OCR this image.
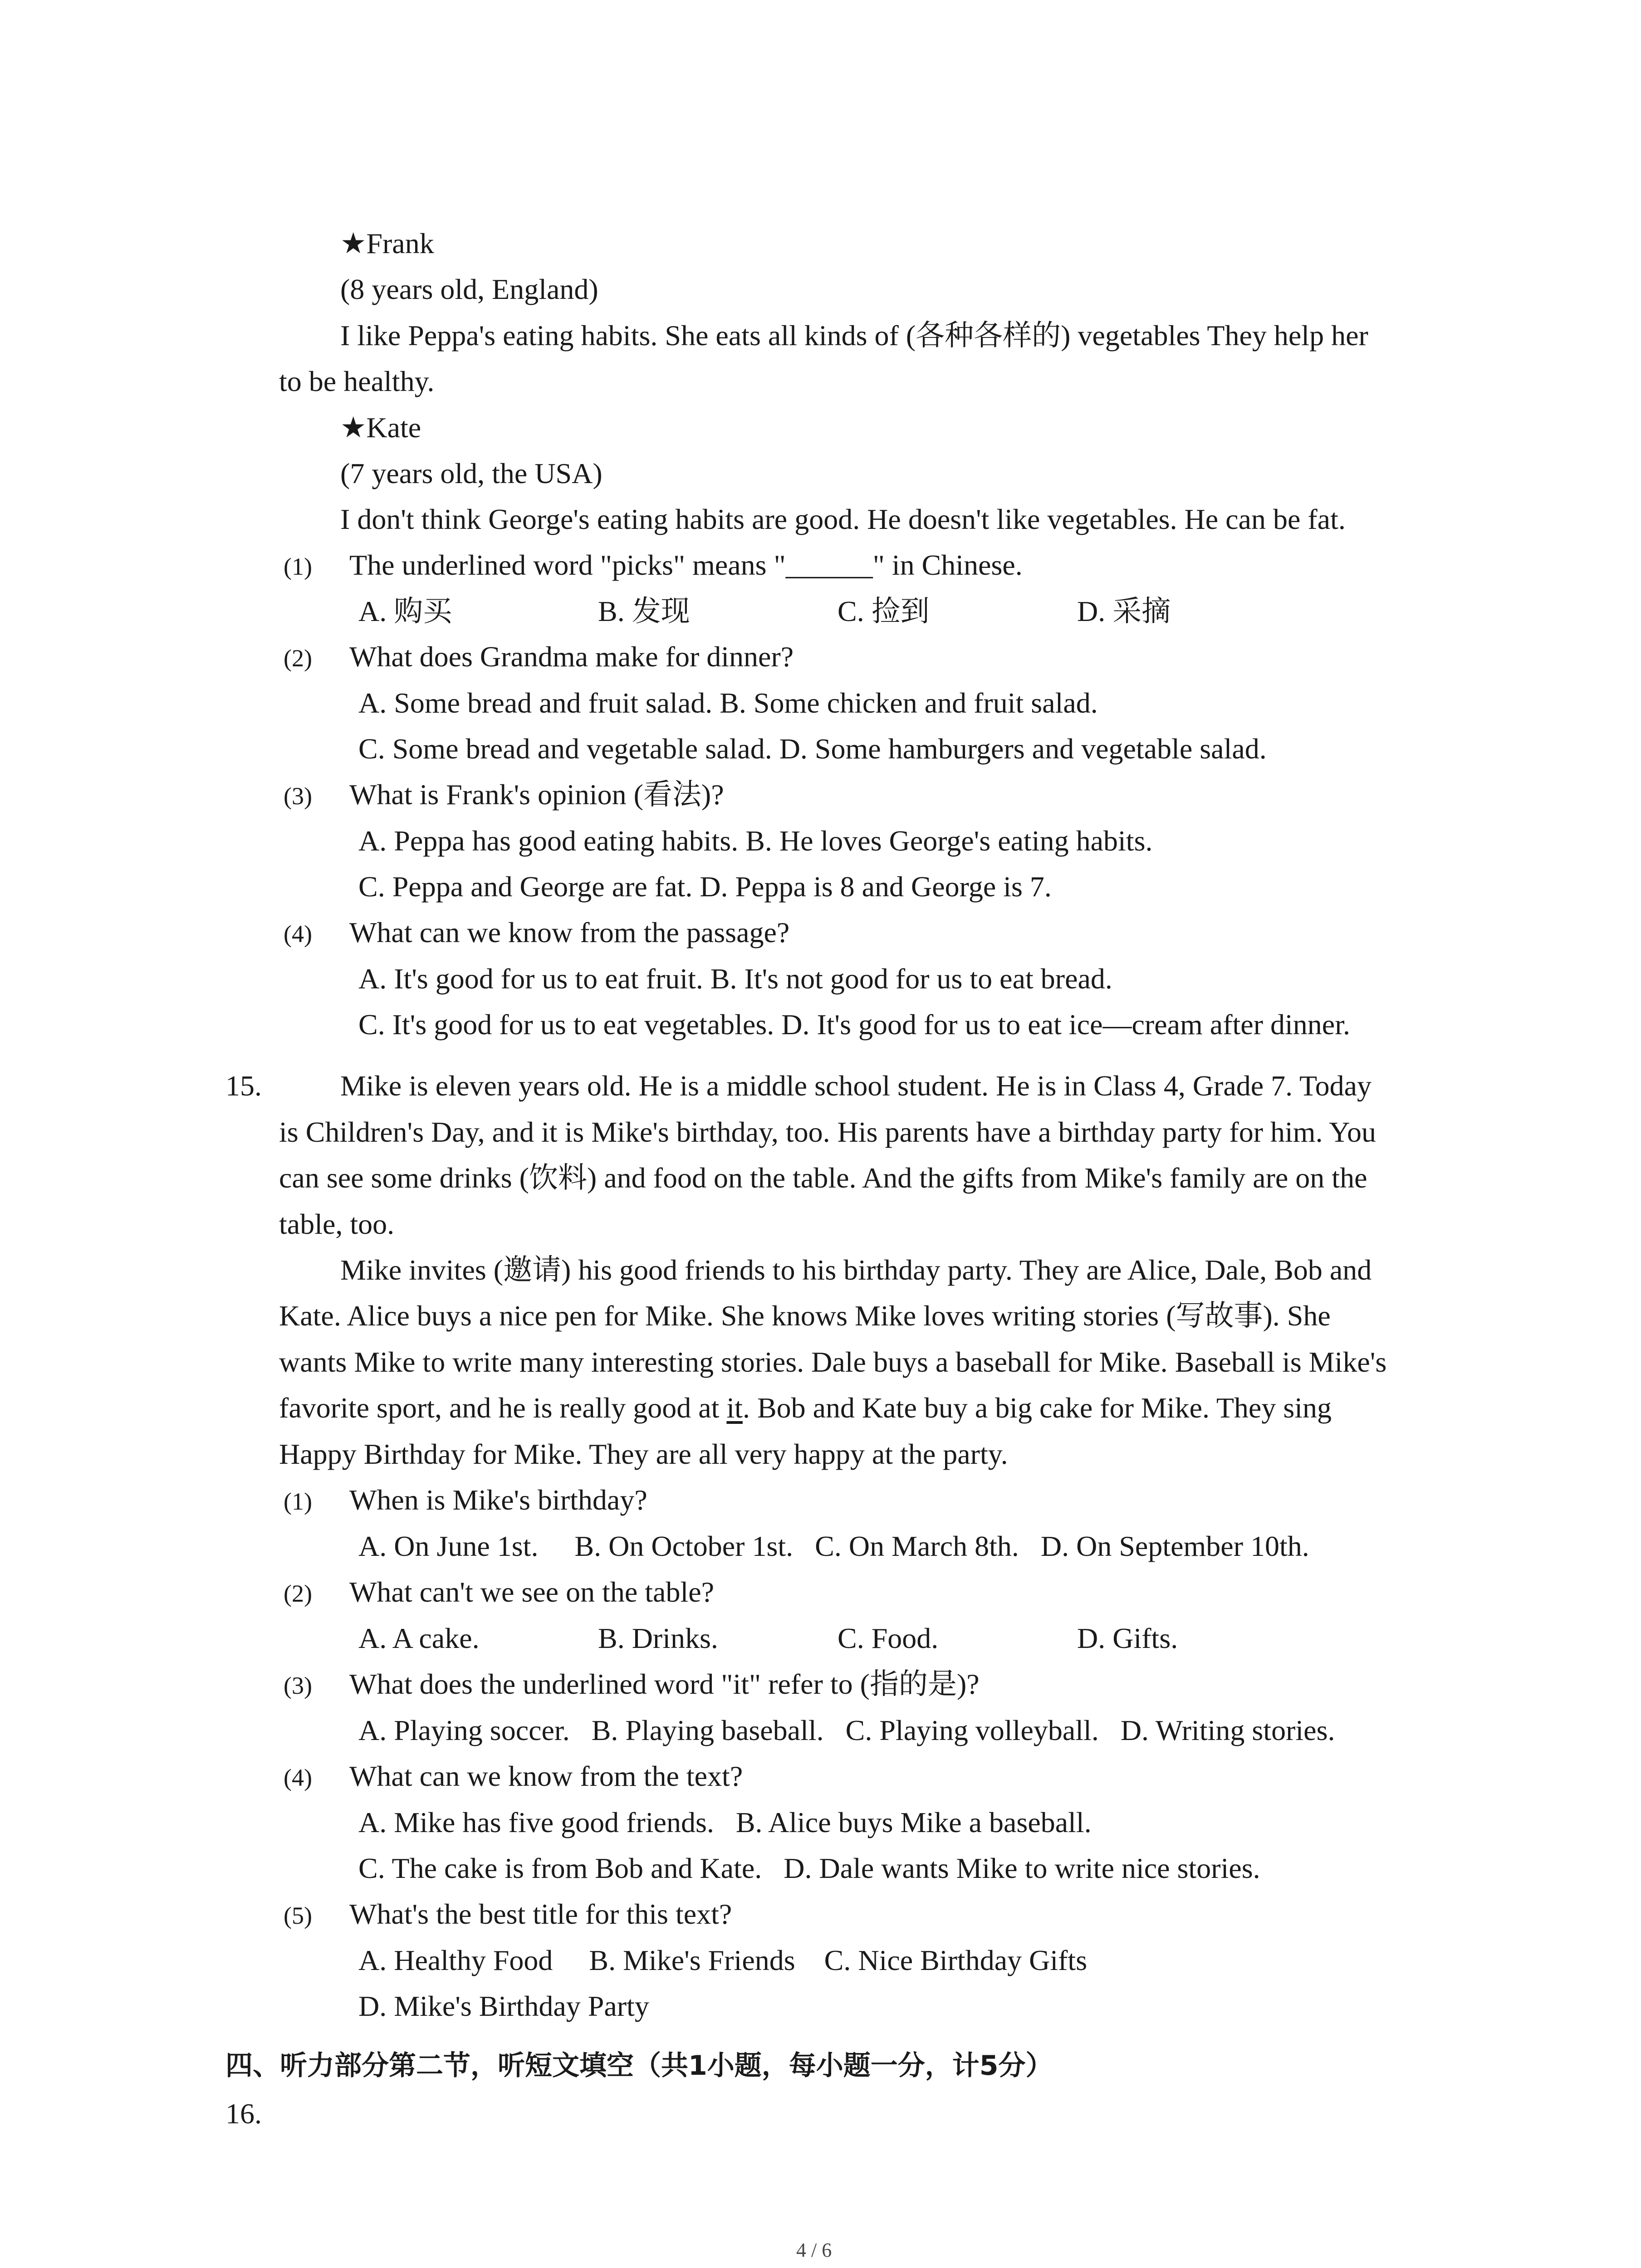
★Frank
(8 years old, England)
I like Peppa's eating habits. She eats all kinds of (各种各样的) vegetables They help her
to be healthy.
★Kate
(7 years old, the USA)
I don't think George's eating habits are good. He doesn't like vegetables. He can be fat.
(1) The underlined word "picks" means "______" in Chinese.
A. 购买	B. 发现	C. 捡到	D. 采摘
(2) What does Grandma make for dinner?
A. Some bread and fruit salad. B. Some chicken and fruit salad.
C. Some bread and vegetable salad. D. Some hamburgers and vegetable salad.
(3) What is Frank's opinion (看法)?
A. Peppa has good eating habits. B. He loves George's eating habits.
C. Peppa and George are fat. D. Peppa is 8 and George is 7.
(4) What can we know from the passage?
A. It's good for us to eat fruit. B. It's not good for us to eat bread.
C. It's good for us to eat vegetables. D. It's good for us to eat ice—cream after dinner.
15.	Mike is eleven years old. He is a middle school student. He is in Class 4, Grade 7. Today
is Children's Day, and it is Mike's birthday, too. His parents have a birthday party for him. You
can see some drinks (饮料) and food on the table. And the gifts from Mike's family are on the
table, too.
Mike invites (邀请) his good friends to his birthday party. They are Alice, Dale, Bob and
Kate. Alice buys a nice pen for Mike. She knows Mike loves writing stories (写故事). She
wants Mike to write many interesting stories. Dale buys a baseball for Mike. Baseball is Mike's
favorite sport, and he is really good at it. Bob and Kate buy a big cake for Mike. They sing
Happy Birthday for Mike. They are all very happy at the party.
(1) When is Mike's birthday?
A. On June 1st.     B. On October 1st.   C. On March 8th.   D. On September 10th.
(2) What can't we see on the table?
A. A cake.	B. Drinks.	C. Food.	D. Gifts.
(3) What does the underlined word "it" refer to (指的是)?
A. Playing soccer.   B. Playing baseball.   C. Playing volleyball.   D. Writing stories.
(4) What can we know from the text?
A. Mike has five good friends.   B. Alice buys Mike a baseball.
C. The cake is from Bob and Kate.   D. Dale wants Mike to write nice stories.
(5) What's the best title for this text?
A. Healthy Food     B. Mike's Friends    C. Nice Birthday Gifts
D. Mike's Birthday Party
四、听力部分第二节，听短文填空（共1小题，每小题一分，计5分）
16.
4 / 6
